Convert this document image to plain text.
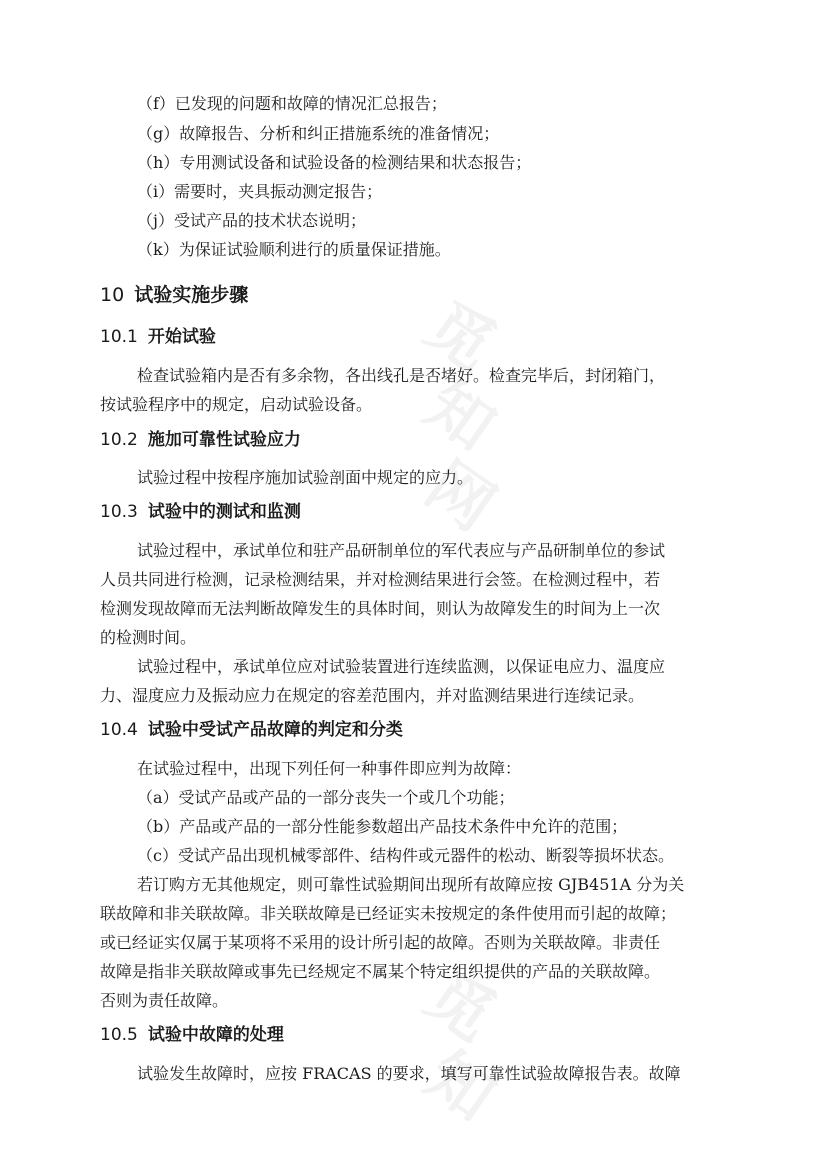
（f）已发现的问题和故障的情况汇总报告；
（g）故障报告、分析和纠正措施系统的准备情况；
（h）专用测试设备和试验设备的检测结果和状态报告；
（i）需要时，夹具振动测定报告；
（j）受试产品的技术状态说明；
（k）为保证试验顺利进行的质量保证措施。
10 试验实施步骤
10.1 开始试验
检查试验箱内是否有多余物，各出线孔是否堵好。检查完毕后，封闭箱门，
按试验程序中的规定，启动试验设备。
10.2 施加可靠性试验应力
试验过程中按程序施加试验剖面中规定的应力。
10.3 试验中的测试和监测
试验过程中，承试单位和驻产品研制单位的军代表应与产品研制单位的参试
人员共同进行检测，记录检测结果，并对检测结果进行会签。在检测过程中，若
检测发现故障而无法判断故障发生的具体时间，则认为故障发生的时间为上一次
的检测时间。
试验过程中，承试单位应对试验装置进行连续监测，以保证电应力、温度应
力、湿度应力及振动应力在规定的容差范围内，并对监测结果进行连续记录。
10.4 试验中受试产品故障的判定和分类
在试验过程中，出现下列任何一种事件即应判为故障：
（a）受试产品或产品的一部分丧失一个或几个功能；
（b）产品或产品的一部分性能参数超出产品技术条件中允许的范围；
（c）受试产品出现机械零部件、结构件或元器件的松动、断裂等损坏状态。
若订购方无其他规定，则可靠性试验期间出现所有故障应按 GJB451A 分为关
联故障和非关联故障。非关联故障是已经证实未按规定的条件使用而引起的故障；
或已经证实仅属于某项将不采用的设计所引起的故障。否则为关联故障。非责任
故障是指非关联故障或事先已经规定不属某个特定组织提供的产品的关联故障。
否则为责任故障。
10.5 试验中故障的处理
试验发生故障时，应按 FRACAS 的要求，填写可靠性试验故障报告表。故障
觅
知
网
觅
知
